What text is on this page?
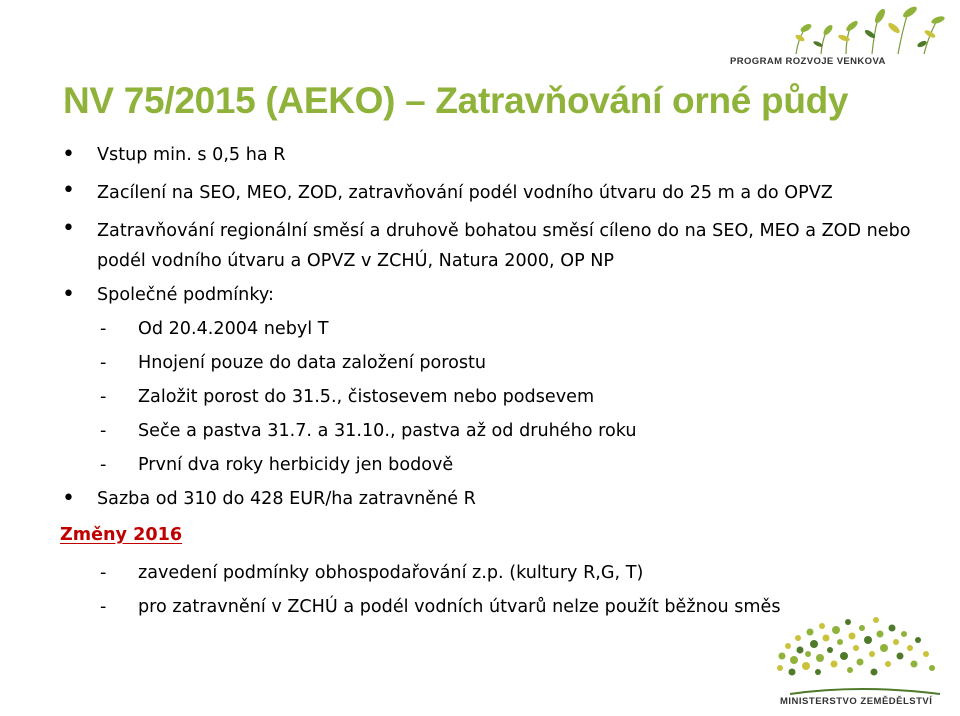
PROGRAM ROZVOJE VENKOVA
NV 75/2015 (AEKO) – Zatravňování orné půdy
• Vstup min. s 0,5 ha R
• Zacílení na SEO, MEO, ZOD, zatravňování podél vodního útvaru do 25 m a do OPVZ
• Zatravňování regionální směsí a druhově bohatou směsí cíleno do na SEO, MEO a ZOD nebo podél vodního útvaru a OPVZ v ZCHÚ, Natura 2000, OP NP
• Společné podmínky:
- Od 20.4.2004 nebyl T
- Hnojení pouze do data založení porostu
- Založit porost do 31.5., čistosevem nebo podsevem
- Seče a pastva 31.7. a 31.10., pastva až od druhého roku
- První dva roky herbicidy jen bodově
• Sazba od 310 do 428 EUR/ha zatravněné R
Změny 2016
- zavedení podmínky obhospodařování z.p. (kultury R,G, T)
- pro zatravnění v ZCHÚ a podél vodních útvarů nelze použít běžnou směs
MINISTERSTVO ZEMĚDĚLSTVÍ
